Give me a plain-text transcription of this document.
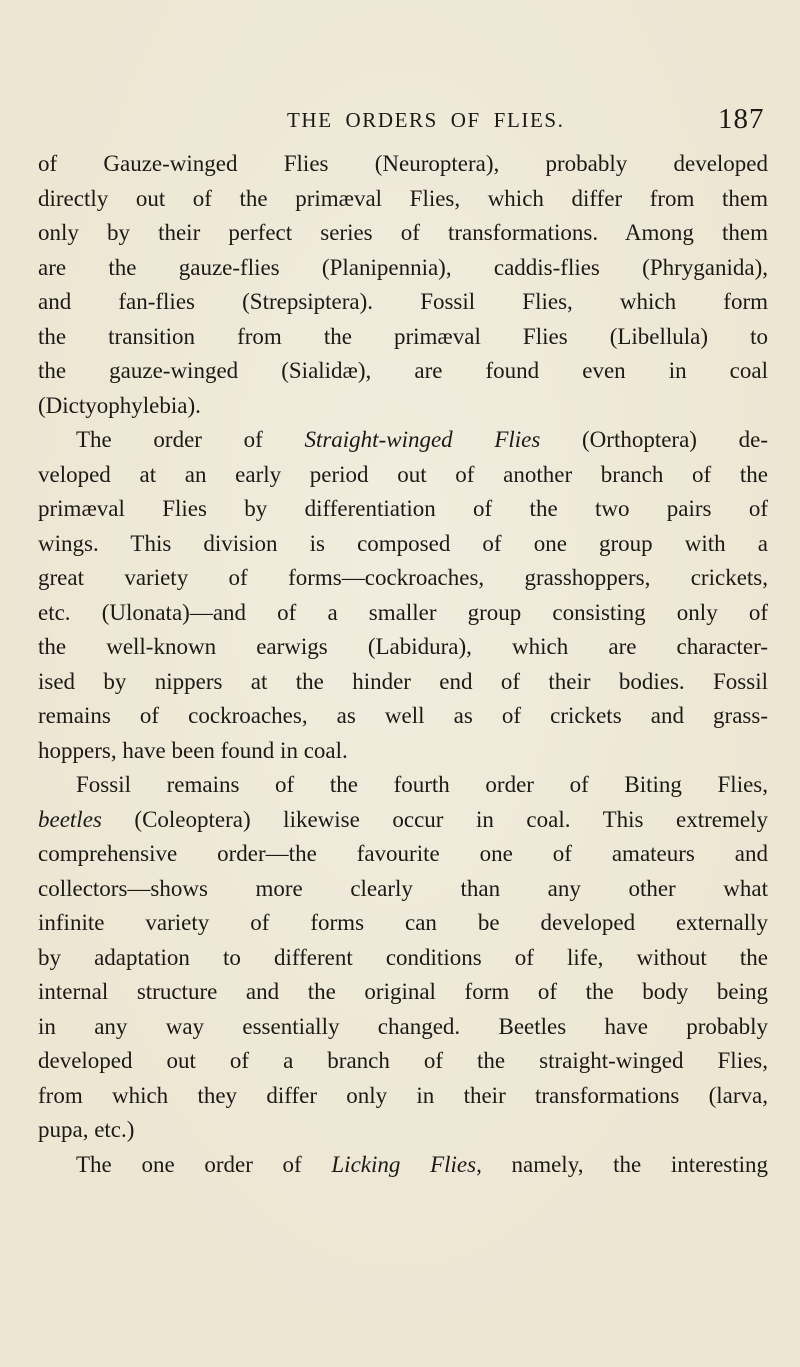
THE ORDERS OF FLIES.	187
of Gauze-winged Flies (Neuroptera), probably developed
directly out of the primæval Flies, which differ from them
only by their perfect series of transformations. Among them
are the gauze-flies (Planipennia), caddis-flies (Phryganida),
and fan-flies (Strepsiptera). Fossil Flies, which form
the transition from the primæval Flies (Libellula) to
the gauze-winged (Sialidæ), are found even in coal
(Dictyophylebia).
The order of Straight-winged Flies (Orthoptera) de-
veloped at an early period out of another branch of the
primæval Flies by differentiation of the two pairs of
wings. This division is composed of one group with a
great variety of forms—cockroaches, grasshoppers, crickets,
etc. (Ulonata)—and of a smaller group consisting only of
the well-known earwigs (Labidura), which are character-
ised by nippers at the hinder end of their bodies. Fossil
remains of cockroaches, as well as of crickets and grass-
hoppers, have been found in coal.
Fossil remains of the fourth order of Biting Flies,
beetles (Coleoptera) likewise occur in coal. This extremely
comprehensive order—the favourite one of amateurs and
collectors—shows more clearly than any other what
infinite variety of forms can be developed externally
by adaptation to different conditions of life, without the
internal structure and the original form of the body being
in any way essentially changed. Beetles have probably
developed out of a branch of the straight-winged Flies,
from which they differ only in their transformations (larva,
pupa, etc.)
The one order of Licking Flies, namely, the interesting
